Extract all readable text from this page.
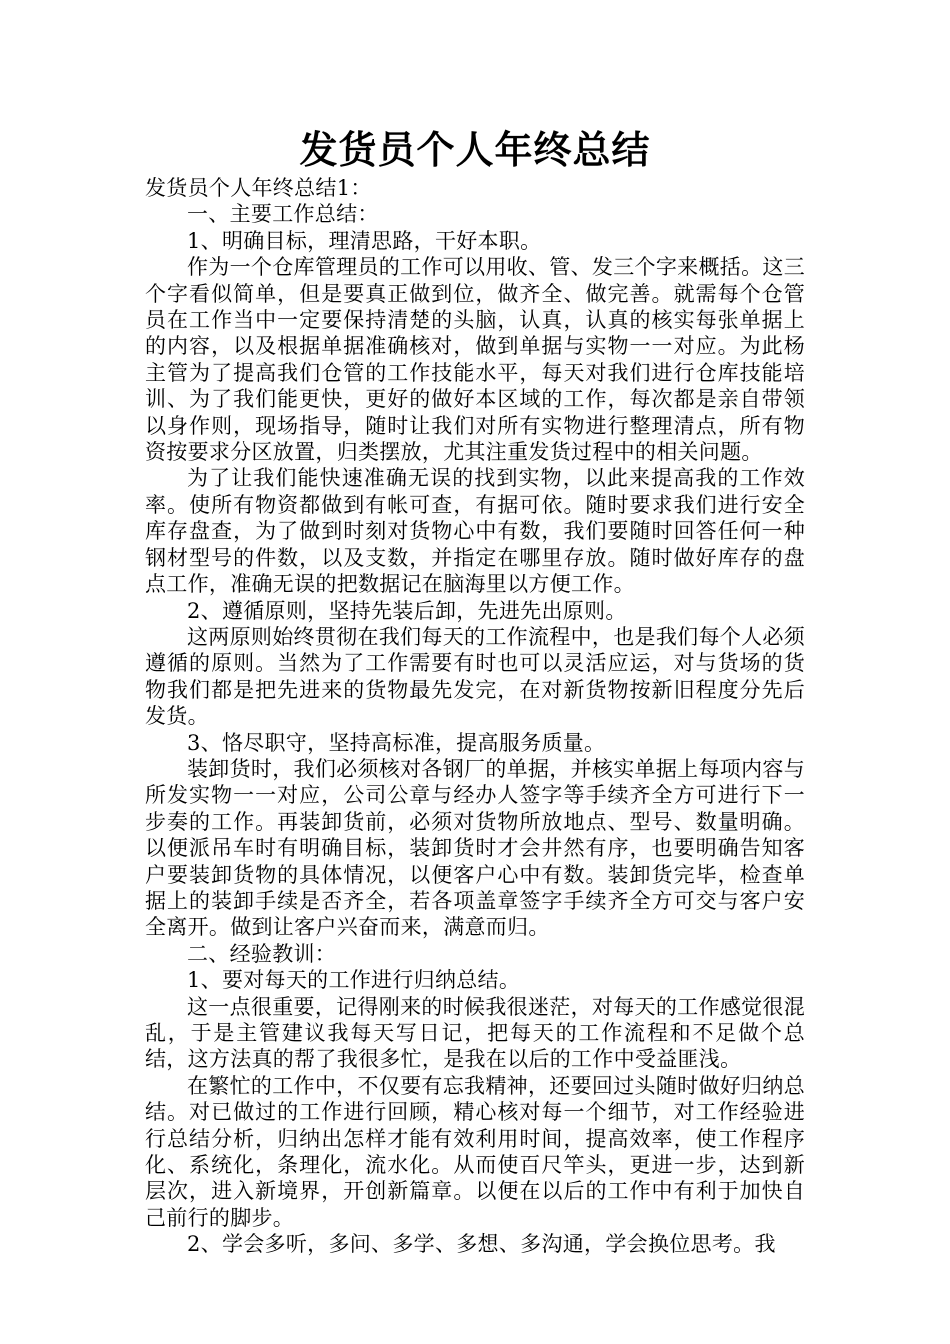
发货员个人年终总结

发货员个人年终总结1：

一、主要工作总结：

1、明确目标，理清思路，干好本职。

作为一个仓库管理员的工作可以用收、管、发三个字来概括。这三个字看似简单，但是要真正做到位，做齐全、做完善。就需每个仓管员在工作当中一定要保持清楚的头脑，认真，认真的核实每张单据上的内容，以及根据单据准确核对，做到单据与实物一一对应。为此杨主管为了提高我们仓管的工作技能水平，每天对我们进行仓库技能培训、为了我们能更快，更好的做好本区域的工作，每次都是亲自带领以身作则，现场指导，随时让我们对所有实物进行整理清点，所有物资按要求分区放置，归类摆放，尤其注重发货过程中的相关问题。

为了让我们能快速准确无误的找到实物，以此来提高我的工作效率。使所有物资都做到有帐可查，有据可依。随时要求我们进行安全库存盘查，为了做到时刻对货物心中有数，我们要随时回答任何一种钢材型号的件数，以及支数，并指定在哪里存放。随时做好库存的盘点工作，准确无误的把数据记在脑海里以方便工作。

2、遵循原则，坚持先装后卸，先进先出原则。

这两原则始终贯彻在我们每天的工作流程中，也是我们每个人必须遵循的原则。当然为了工作需要有时也可以灵活应运，对与货场的货物我们都是把先进来的货物最先发完，在对新货物按新旧程度分先后发货。

3、恪尽职守，坚持高标准，提高服务质量。

装卸货时，我们必须核对各钢厂的单据，并核实单据上每项内容与所发实物一一对应，公司公章与经办人签字等手续齐全方可进行下一步奏的工作。再装卸货前，必须对货物所放地点、型号、数量明确。以便派吊车时有明确目标，装卸货时才会井然有序，也要明确告知客户要装卸货物的具体情况，以便客户心中有数。装卸货完毕，检查单据上的装卸手续是否齐全，若各项盖章签字手续齐全方可交与客户安全离开。做到让客户兴奋而来，满意而归。

二、经验教训：

1、要对每天的工作进行归纳总结。

这一点很重要，记得刚来的时候我很迷茫，对每天的工作感觉很混乱，于是主管建议我每天写日记，把每天的工作流程和不足做个总结，这方法真的帮了我很多忙，是我在以后的工作中受益匪浅。

在繁忙的工作中，不仅要有忘我精神，还要回过头随时做好归纳总结。对已做过的工作进行回顾，精心核对每一个细节，对工作经验进行总结分析，归纳出怎样才能有效利用时间，提高效率，使工作程序化、系统化，条理化，流水化。从而使百尺竿头，更进一步，达到新层次，进入新境界，开创新篇章。以便在以后的工作中有利于加快自己前行的脚步。

2、学会多听，多问、多学、多想、多沟通，学会换位思考。我
